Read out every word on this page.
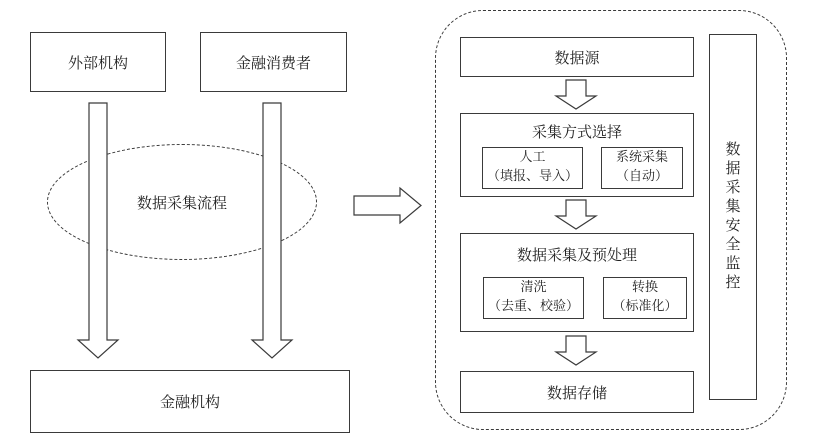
外部机构	金融消费者
数据采集流程
金融机构
数据源
采集方式选择
人工
（填报、导入）
系统采集
（自动）
数据采集及预处理
清洗
（去重、校验）
转换
（标准化）
数据存储
数据采集安全监控
